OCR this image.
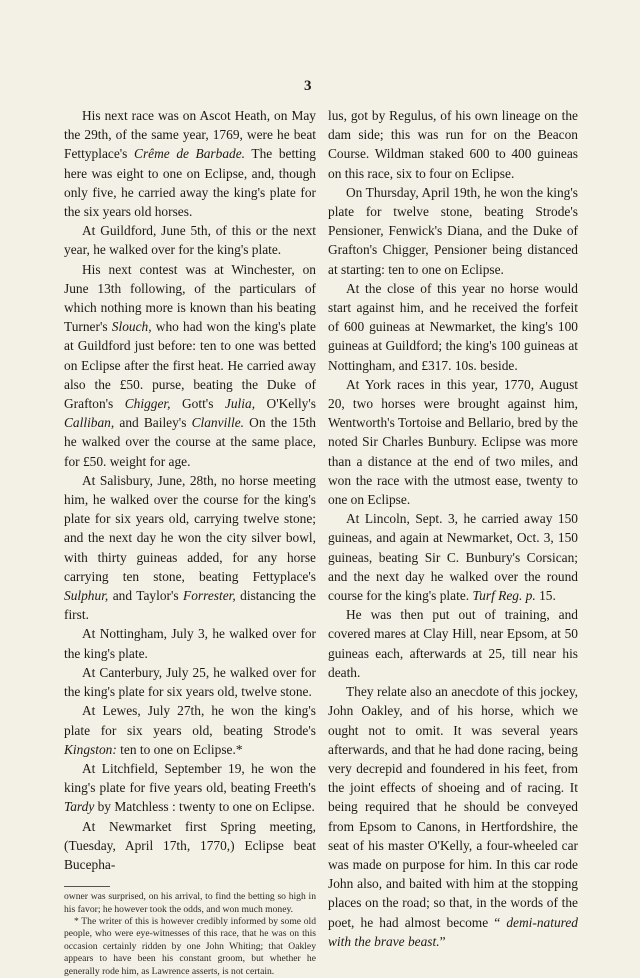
3

His next race was on Ascot Heath, on May the 29th, of the same year, 1769, were he beat Fettyplace's Crême de Barbade. The betting here was eight to one on Eclipse, and, though only five, he carried away the king's plate for the six years old horses.

At Guildford, June 5th, of this or the next year, he walked over for the king's plate.

His next contest was at Winchester, on June 13th following, of the particulars of which nothing more is known than his beating Turner's Slouch, who had won the king's plate at Guildford just before: ten to one was betted on Eclipse after the first heat. He carried away also the £50. purse, beating the Duke of Grafton's Chigger, Gott's Julia, O'Kelly's Calliban, and Bailey's Clanville. On the 15th he walked over the course at the same place, for £50. weight for age.

At Salisbury, June, 28th, no horse meeting him, he walked over the course for the king's plate for six years old, carrying twelve stone; and the next day he won the city silver bowl, with thirty guineas added, for any horse carrying ten stone, beating Fettyplace's Sulphur, and Taylor's Forrester, distancing the first.

At Nottingham, July 3, he walked over for the king's plate.

At Canterbury, July 25, he walked over for the king's plate for six years old, twelve stone.

At Lewes, July 27th, he won the king's plate for six years old, beating Strode's Kingston: ten to one on Eclipse.*

At Litchfield, September 19, he won the king's plate for five years old, beating Freeth's Tardy by Matchless : twenty to one on Eclipse.

At Newmarket first Spring meeting, (Tuesday, April 17th, 1770,) Eclipse beat Bucepha-

owner was surprised, on his arrival, to find the betting so high in his favor; he however took the odds, and won much money.

* The writer of this is however credibly informed by some old people, who were eye-witnesses of this race, that he was on this occasion certainly ridden by one John Whiting; that Oakley appears to have been his constant groom, but whether he generally rode him, as Lawrence asserts, is not certain.

lus, got by Regulus, of his own lineage on the dam side; this was run for on the Beacon Course. Wildman staked 600 to 400 guineas on this race, six to four on Eclipse.

On Thursday, April 19th, he won the king's plate for twelve stone, beating Strode's Pensioner, Fenwick's Diana, and the Duke of Grafton's Chigger, Pensioner being distanced at starting: ten to one on Eclipse.

At the close of this year no horse would start against him, and he received the forfeit of 600 guineas at Newmarket, the king's 100 guineas at Guildford; the king's 100 guineas at Nottingham, and £317. 10s. beside.

At York races in this year, 1770, August 20, two horses were brought against him, Wentworth's Tortoise and Bellario, bred by the noted Sir Charles Bunbury. Eclipse was more than a distance at the end of two miles, and won the race with the utmost ease, twenty to one on Eclipse.

At Lincoln, Sept. 3, he carried away 150 guineas, and again at Newmarket, Oct. 3, 150 guineas, beating Sir C. Bunbury's Corsican; and the next day he walked over the round course for the king's plate. Turf Reg. p. 15.

He was then put out of training, and covered mares at Clay Hill, near Epsom, at 50 guineas each, afterwards at 25, till near his death.

They relate also an anecdote of this jockey, John Oakley, and of his horse, which we ought not to omit. It was several years afterwards, and that he had done racing, being very decrepid and foundered in his feet, from the joint effects of shoeing and of racing. It being required that he should be conveyed from Epsom to Canons, in Hertfordshire, the seat of his master O'Kelly, a four-wheeled car was made on purpose for him. In this car rode John also, and baited with him at the stopping places on the road; so that, in the words of the poet, he had almost become “ demi-natured with the brave beast.”
